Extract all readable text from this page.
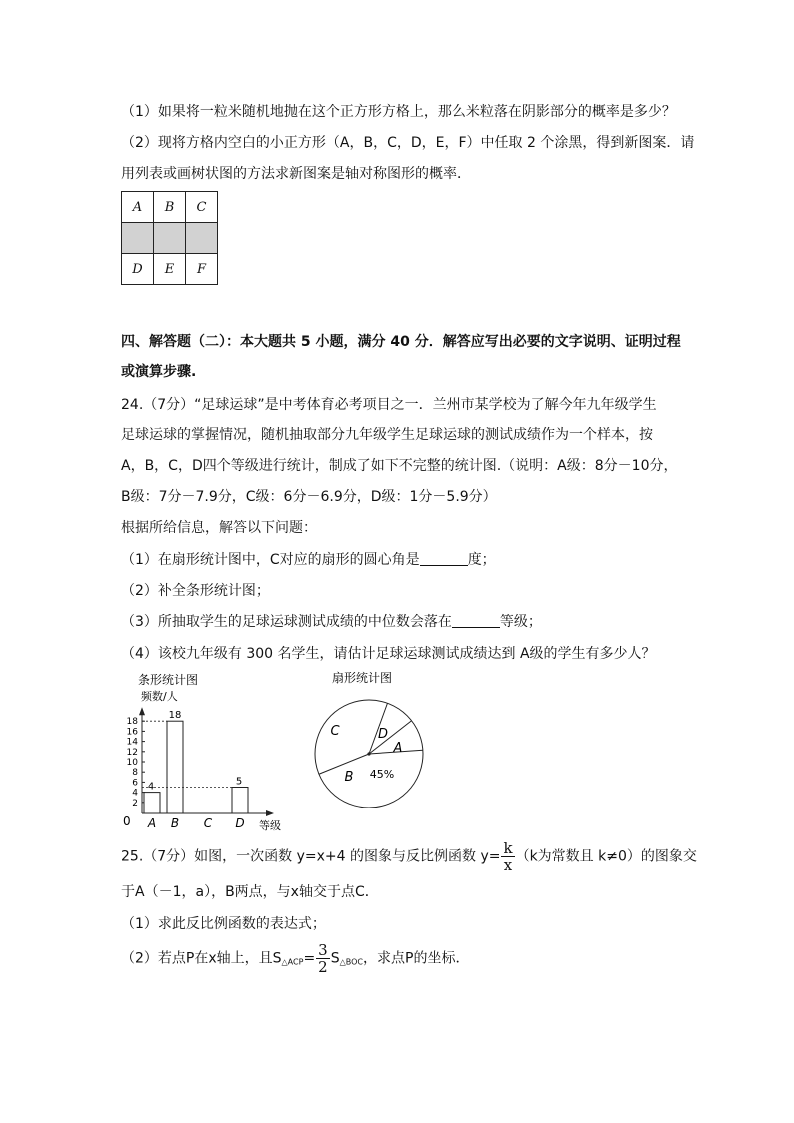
（1）如果将一粒米随机地抛在这个正方形方格上，那么米粒落在阴影部分的概率是多少？
（2）现将方格内空白的小正方形（A，B，C，D，E，F）中任取 2 个涂黑，得到新图案．请
用列表或画树状图的方法求新图案是轴对称图形的概率．
A	B	C

D	E	F
四、解答题（二）：本大题共 5 小题，满分 40 分．解答应写出必要的文字说明、证明过程
或演算步骤.
24.（7分）“足球运球”是中考体育必考项目之一．兰州市某学校为了解今年九年级学生
足球运球的掌握情况，随机抽取部分九年级学生足球运球的测试成绩作为一个样本，按
A，B，C，D四个等级进行统计，制成了如下不完整的统计图.（说明：A级：8分－10分，
B级：7分－7.9分，C级：6分－6.9分，D级：1分－5.9分）
根据所给信息，解答以下问题：
（1）在扇形统计图中，C对应的扇形的圆心角是	度；
（2）补全条形统计图；
（3）所抽取学生的足球运球测试成绩的中位数会落在	等级；
（4）该校九年级有 300 名学生，请估计足球运球测试成绩达到 A级的学生有多少人？
条形统计图
频数/人
2
4
6
8
10
12
14
16
18
0
4
A
18
B C
5
D 等级
扇形统计图
B 45%
A
D
C
25.（7分）如图，一次函数 y=x+4 的图象与反比例函数 $y= \frac{k}{x} (k$为常数且 k≠0）的图象交
于A（－1，a），B两点，与x轴交于点C．
（1）求此反比例函数的表达式；
（2）若点P在x轴上，且$S_{\triangle ACP}= \frac{3}{2} S_{\triangle BOC}$，求点P的坐标．
